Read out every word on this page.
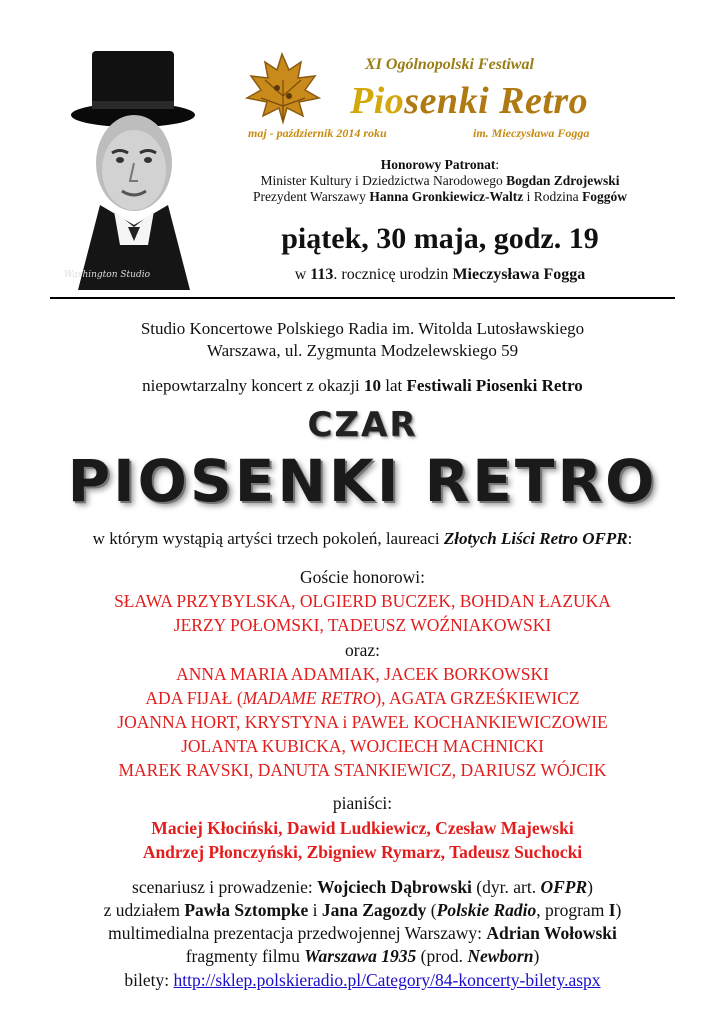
Washington Studio
XI Ogólnopolski Festiwal
Piosenki Retro
maj - październik 2014 roku	im. Mieczysława Fogga
Honorowy Patronat:
Minister Kultury i Dziedzictwa Narodowego Bogdan Zdrojewski
Prezydent Warszawy Hanna Gronkiewicz-Waltz i Rodzina Foggów
piątek, 30 maja, godz. 19
w 113. rocznicę urodzin Mieczysława Fogga
Studio Koncertowe Polskiego Radia im. Witolda Lutosławskiego
Warszawa, ul. Zygmunta Modzelewskiego 59
niepowtarzalny koncert z okazji 10 lat Festiwali Piosenki Retro
CZAR
PIOSENKI RETRO
w którym wystąpią artyści trzech pokoleń, laureaci Złotych Liści Retro OFPR:
Goście honorowi:
SŁAWA PRZYBYLSKA, OLGIERD BUCZEK, BOHDAN ŁAZUKA
JERZY POŁOMSKI, TADEUSZ WOŹNIAKOWSKI
oraz:
ANNA MARIA ADAMIAK, JACEK BORKOWSKI
ADA FIJAŁ (MADAME RETRO), AGATA GRZEŚKIEWICZ
JOANNA HORT, KRYSTYNA i PAWEŁ KOCHANKIEWICZOWIE
JOLANTA KUBICKA, WOJCIECH MACHNICKI
MAREK RAVSKI, DANUTA STANKIEWICZ, DARIUSZ WÓJCIK
pianiści:
Maciej Kłociński, Dawid Ludkiewicz, Czesław Majewski
Andrzej Płonczyński, Zbigniew Rymarz, Tadeusz Suchocki
scenariusz i prowadzenie: Wojciech Dąbrowski (dyr. art. OFPR)
z udziałem Pawła Sztompke i Jana Zagozdy (Polskie Radio, program I)
multimedialna prezentacja przedwojennej Warszawy: Adrian Wołowski
fragmenty filmu Warszawa 1935 (prod. Newborn)
bilety: http://sklep.polskieradio.pl/Category/84-koncerty-bilety.aspx
